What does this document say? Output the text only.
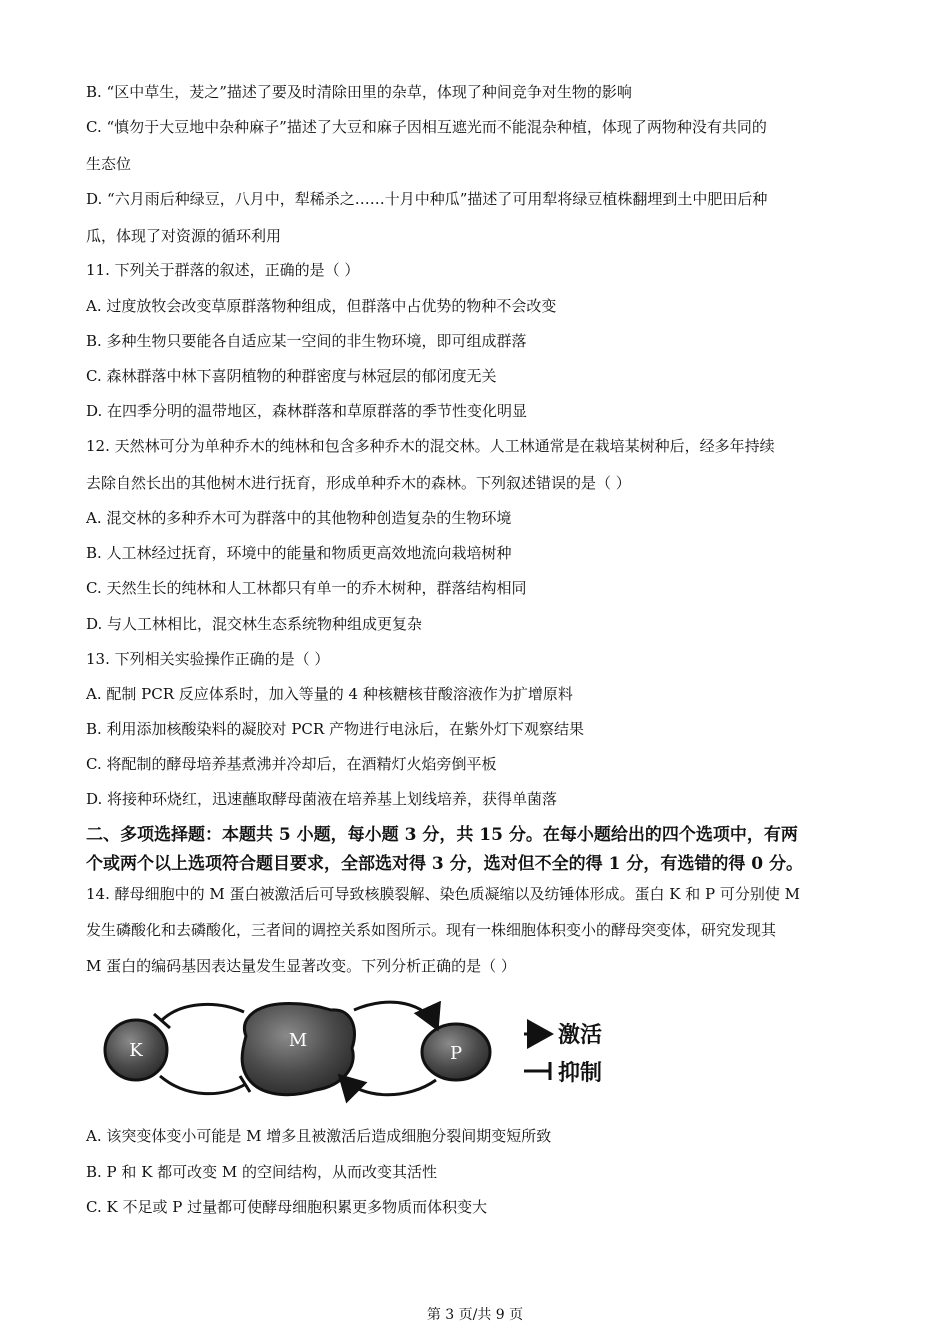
B. “区中草生，茇之”描述了要及时清除田里的杂草，体现了种间竞争对生物的影响
C. “慎勿于大豆地中杂种麻子”描述了大豆和麻子因相互遮光而不能混杂种植，体现了两物种没有共同的
生态位
D. “六月雨后种绿豆，八月中，犁稀杀之……十月中种瓜”描述了可用犁将绿豆植株翻埋到土中肥田后种
瓜，体现了对资源的循环利用
11. 下列关于群落的叙述，正确的是（ ）
A. 过度放牧会改变草原群落物种组成，但群落中占优势的物种不会改变
B. 多种生物只要能各自适应某一空间的非生物环境，即可组成群落
C. 森林群落中林下喜阴植物的种群密度与林冠层的郁闭度无关
D. 在四季分明的温带地区，森林群落和草原群落的季节性变化明显
12. 天然林可分为单种乔木的纯林和包含多种乔木的混交林。人工林通常是在栽培某树种后，经多年持续
去除自然长出的其他树木进行抚育，形成单种乔木的森林。下列叙述错误的是（ ）
A. 混交林的多种乔木可为群落中的其他物种创造复杂的生物环境
B. 人工林经过抚育，环境中的能量和物质更高效地流向栽培树种
C. 天然生长的纯林和人工林都只有单一的乔木树种，群落结构相同
D. 与人工林相比，混交林生态系统物种组成更复杂
13. 下列相关实验操作正确的是（ ）
A. 配制 PCR 反应体系时，加入等量的 4 种核糖核苷酸溶液作为扩增原料
B. 利用添加核酸染料的凝胶对 PCR 产物进行电泳后，在紫外灯下观察结果
C. 将配制的酵母培养基煮沸并冷却后，在酒精灯火焰旁倒平板
D. 将接种环烧红，迅速蘸取酵母菌液在培养基上划线培养，获得单菌落
二、多项选择题：本题共 5 小题，每小题 3 分，共 15 分。在每小题给出的四个选项中，有两
个或两个以上选项符合题目要求，全部选对得 3 分，选对但不全的得 1 分，有选错的得 0 分。
14. 酵母细胞中的 M 蛋白被激活后可导致核膜裂解、染色质凝缩以及纺锤体形成。蛋白 K 和 P 可分别使 M
发生磷酸化和去磷酸化，三者间的调控关系如图所示。现有一株细胞体积变小的酵母突变体，研究发现其
M 蛋白的编码基因表达量发生显著改变。下列分析正确的是（ ）
K	M
P
激活
抑制
A. 该突变体变小可能是 M 增多且被激活后造成细胞分裂间期变短所致
B. P 和 K 都可改变 M 的空间结构，从而改变其活性
C. K 不足或 P 过量都可使酵母细胞积累更多物质而体积变大
第 3 页/共 9 页
